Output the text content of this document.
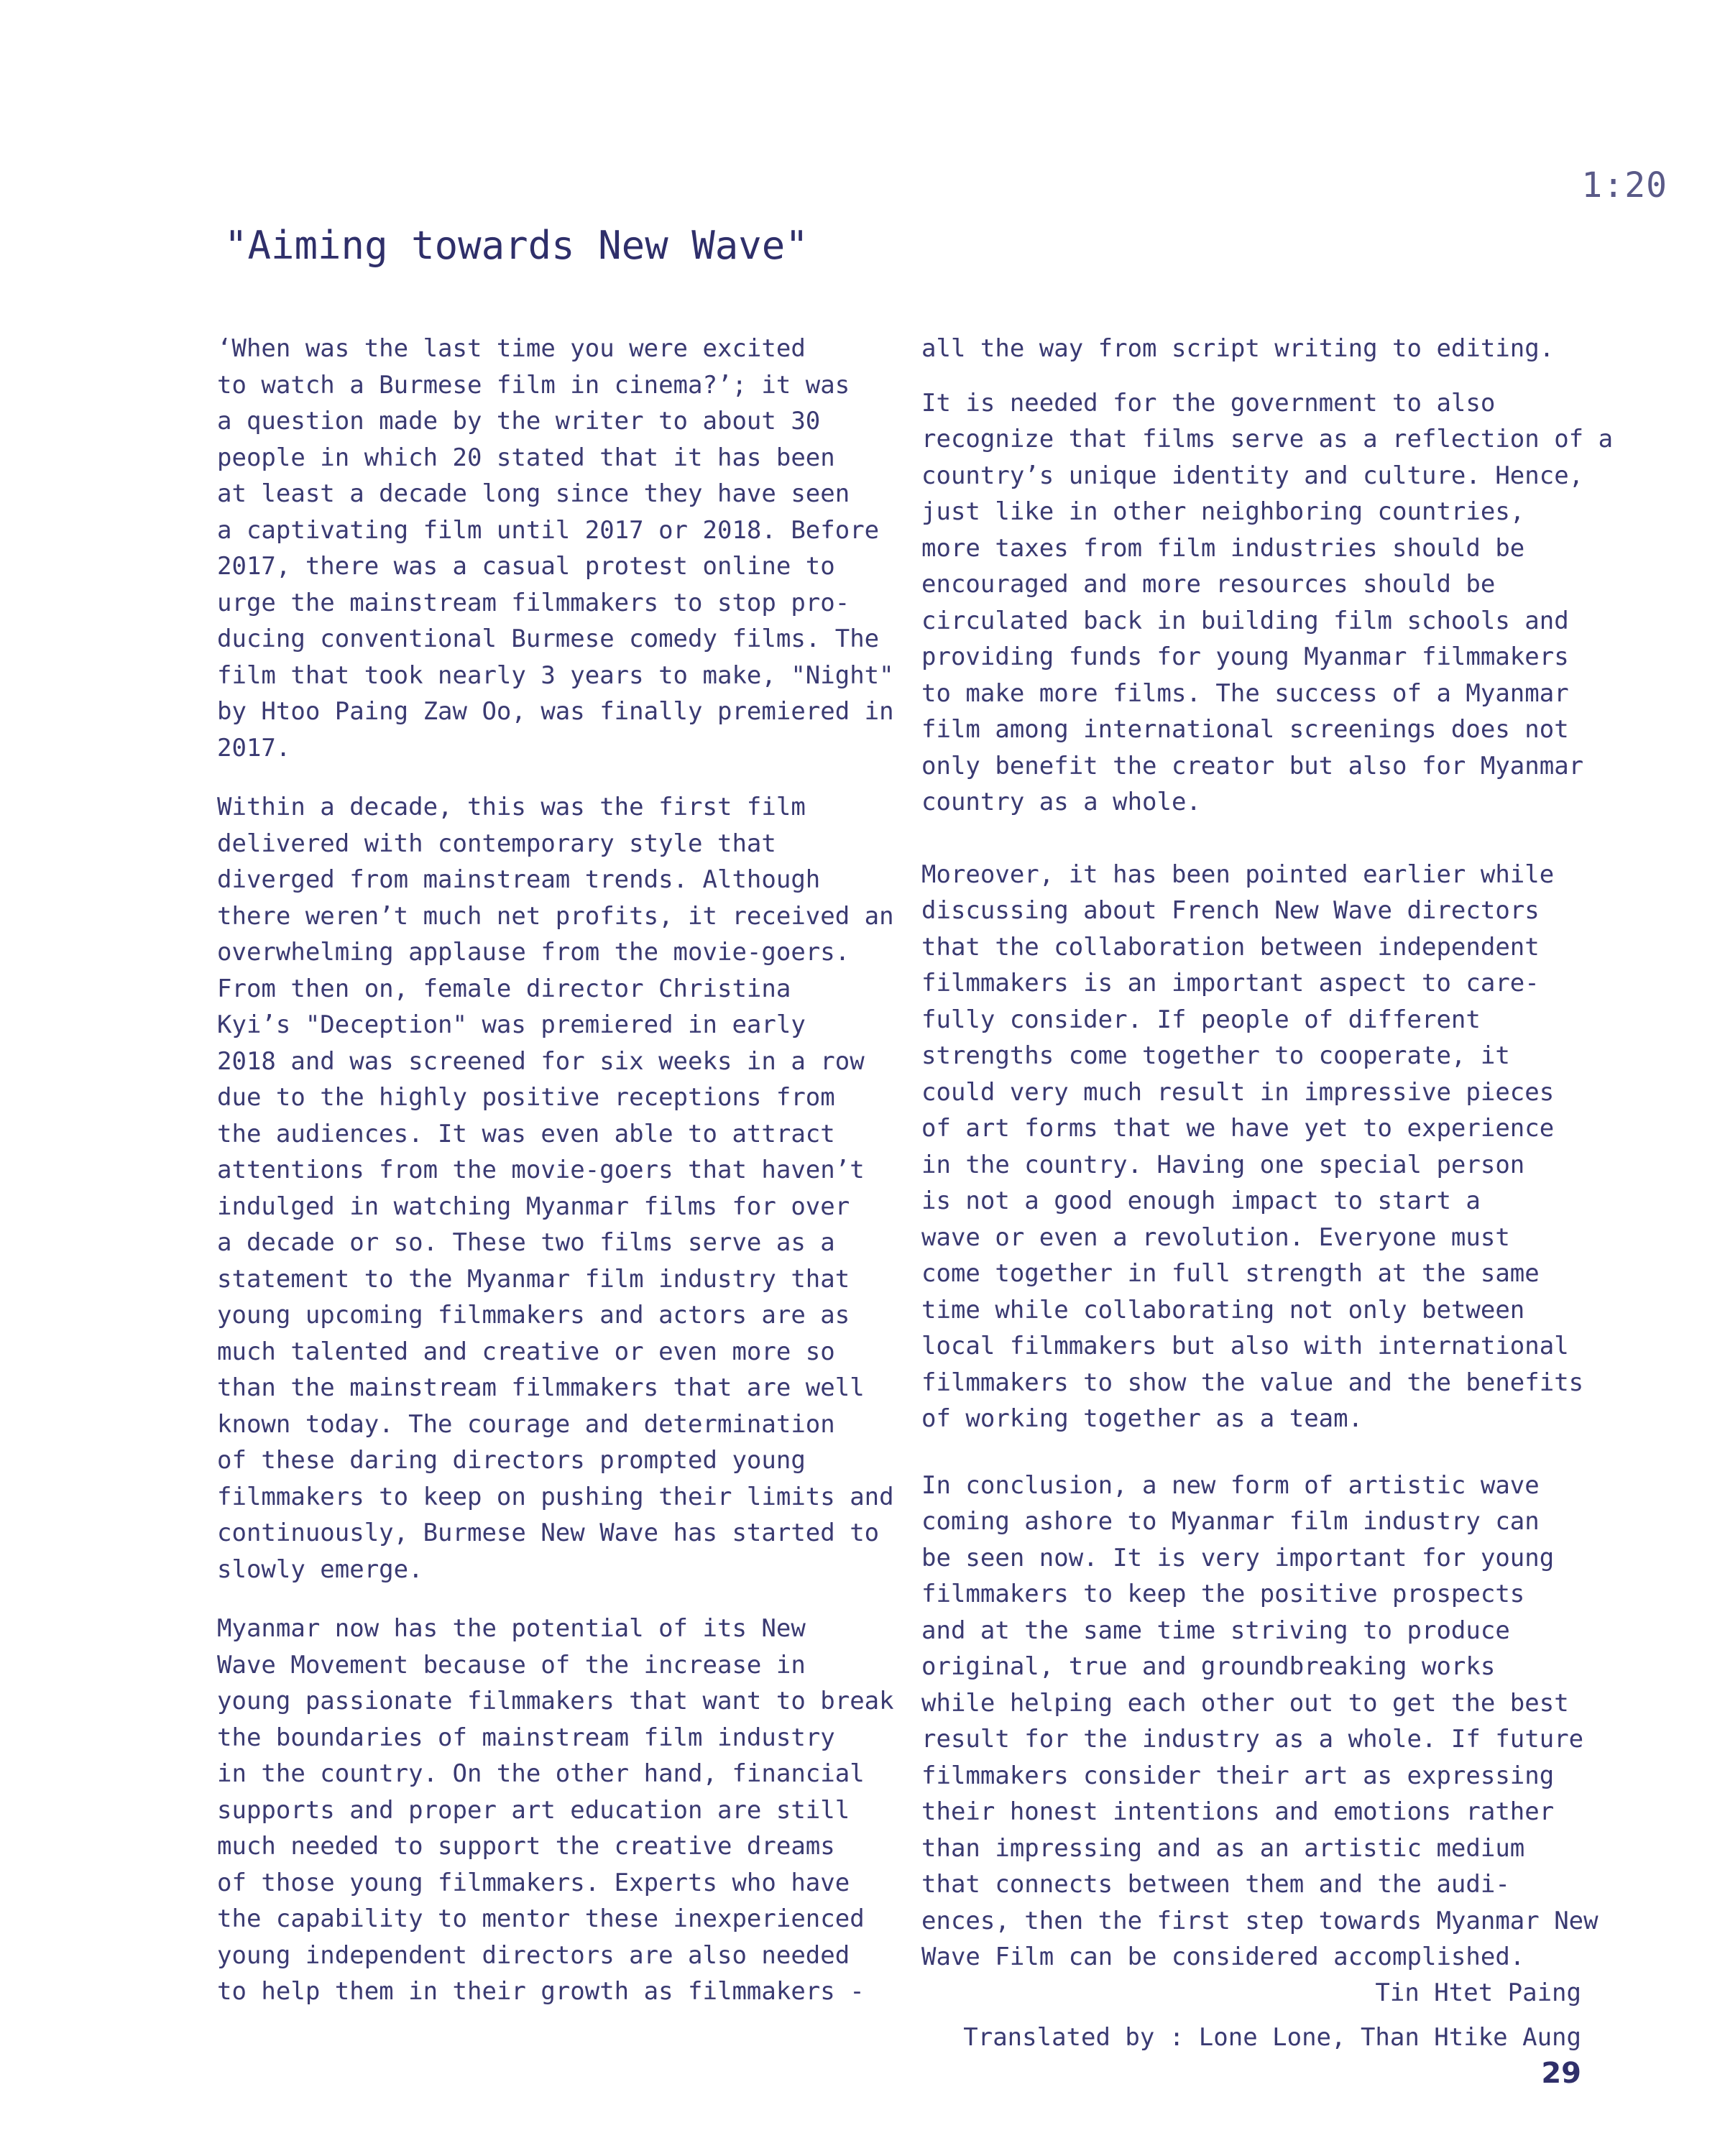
1:20
"Aiming towards New Wave"

‘When was the last time you were excited
to watch a Burmese film in cinema?’; it was
a question made by the writer to about 30
people in which 20 stated that it has been
at least a decade long since they have seen
a captivating film until 2017 or 2018. Before
2017, there was a casual protest online to
urge the mainstream filmmakers to stop pro-
ducing conventional Burmese comedy films. The
film that took nearly 3 years to make, "Night"
by Htoo Paing Zaw Oo, was finally premiered in
2017.

Within a decade, this was the first film
delivered with contemporary style that
diverged from mainstream trends. Although
there weren’t much net profits, it received an
overwhelming applause from the movie-goers.
From then on, female director Christina
Kyi’s "Deception" was premiered in early
2018 and was screened for six weeks in a row
due to the highly positive receptions from
the audiences. It was even able to attract
attentions from the movie-goers that haven’t
indulged in watching Myanmar films for over
a decade or so. These two films serve as a
statement to the Myanmar film industry that
young upcoming filmmakers and actors are as
much talented and creative or even more so
than the mainstream filmmakers that are well
known today. The courage and determination
of these daring directors prompted young
filmmakers to keep on pushing their limits and
continuously, Burmese New Wave has started to
slowly emerge.

Myanmar now has the potential of its New
Wave Movement because of the increase in
young passionate filmmakers that want to break
the boundaries of mainstream film industry
in the country. On the other hand, financial
supports and proper art education are still
much needed to support the creative dreams
of those young filmmakers. Experts who have
the capability to mentor these inexperienced
young independent directors are also needed
to help them in their growth as filmmakers -

all the way from script writing to editing.

It is needed for the government to also
recognize that films serve as a reflection of a
country’s unique identity and culture. Hence,
just like in other neighboring countries,
more taxes from film industries should be
encouraged and more resources should be
circulated back in building film schools and
providing funds for young Myanmar filmmakers
to make more films. The success of a Myanmar
film among international screenings does not
only benefit the creator but also for Myanmar
country as a whole.

Moreover, it has been pointed earlier while
discussing about French New Wave directors
that the collaboration between independent
filmmakers is an important aspect to care-
fully consider. If people of different
strengths come together to cooperate, it
could very much result in impressive pieces
of art forms that we have yet to experience
in the country. Having one special person
is not a good enough impact to start a
wave or even a revolution. Everyone must
come together in full strength at the same
time while collaborating not only between
local filmmakers but also with international
filmmakers to show the value and the benefits
of working together as a team.

In conclusion, a new form of artistic wave
coming ashore to Myanmar film industry can
be seen now. It is very important for young
filmmakers to keep the positive prospects
and at the same time striving to produce
original, true and groundbreaking works
while helping each other out to get the best
result for the industry as a whole. If future
filmmakers consider their art as expressing
their honest intentions and emotions rather
than impressing and as an artistic medium
that connects between them and the audi-
ences, then the first step towards Myanmar New
Wave Film can be considered accomplished.

Tin Htet Paing
Translated by : Lone Lone, Than Htike Aung
29
